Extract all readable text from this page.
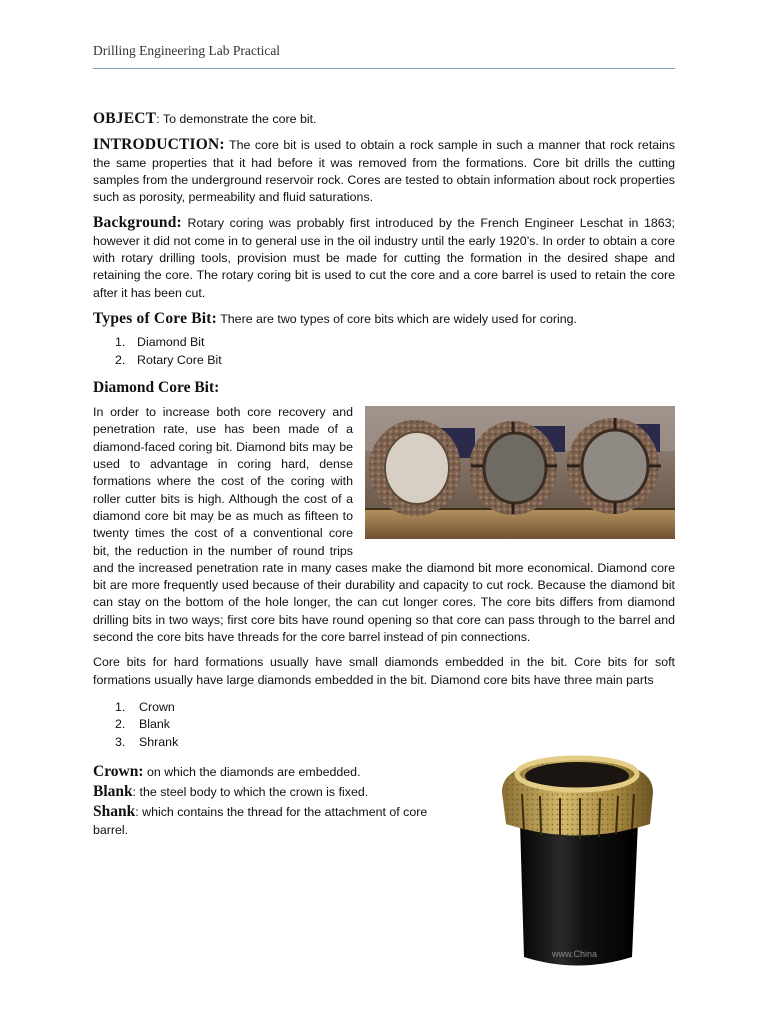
Drilling Engineering Lab Practical

OBJECT: To demonstrate the core bit.

INTRODUCTION: The core bit is used to obtain a rock sample in such a manner that rock retains the same properties that it had before it was removed from the formations. Core bit drills the cutting samples from the underground reservoir rock. Cores are tested to obtain information about rock properties such as porosity, permeability and fluid saturations.

Background: Rotary coring was probably first introduced by the French Engineer Leschat in 1863; however it did not come in to general use in the oil industry until the early 1920’s. In order to obtain a core with rotary drilling tools, provision must be made for cutting the formation in the desired shape and retaining the core. The rotary coring bit is used to cut the core and a core barrel is used to retain the core after it has been cut.

Types of Core Bit: There are two types of core bits which are widely used for coring.

1. Diamond Bit
2. Rotary Core Bit
Diamond Core Bit:

In order to increase both core recovery and penetration rate, use has been made of a diamond-faced coring bit. Diamond bits may be used to advantage in coring hard, dense formations where the cost of the coring with roller cutter bits is high. Although the cost of a diamond core bit may be as much as fifteen to twenty times the cost of a conventional core bit, the reduction in the number of round trips and the increased penetration rate in many cases make the diamond bit more economical. Diamond core bit are more frequently used because of their durability and capacity to cut rock. Because the diamond bit can stay on the bottom of the hole longer, the can cut longer cores. The core bits differs from diamond drilling bits in two ways; first core bits have round opening so that core can pass through to the barrel and second the core bits have threads for the core barrel instead of pin connections.

Core bits for hard formations usually have small diamonds embedded in the bit. Core bits for soft formations usually have large diamonds embedded in the bit. Diamond core bits have three main parts

1.	Crown
2.	Blank
3.	Shrank

Crown: on which the diamonds are embedded.

Blank: the steel body to which the crown is fixed.

Shank: which contains the thread for the attachment of core barrel.

www.China
